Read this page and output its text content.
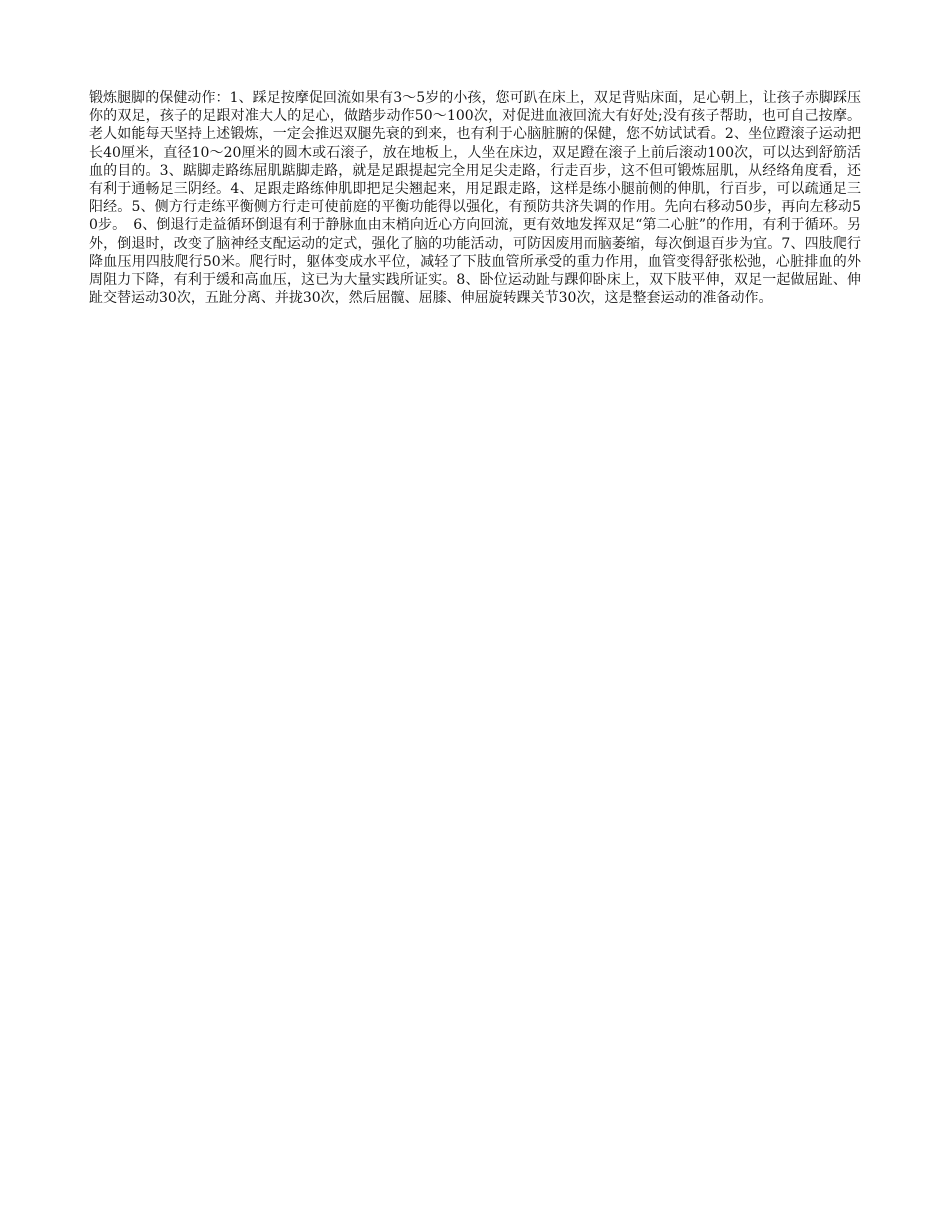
锻炼腿脚的保健动作：1、踩足按摩促回流如果有3～5岁的小孩，您可趴在床上，双足背贴床面，足心朝上，让孩子赤脚踩压你的双足，孩子的足跟对准大人的足心，做踏步动作50～100次，对促进血液回流大有好处;没有孩子帮助，也可自己按摩。老人如能每天坚持上述锻炼，一定会推迟双腿先衰的到来，也有利于心脑脏腑的保健，您不妨试试看。2、坐位蹬滚子运动把长40厘米，直径10～20厘米的圆木或石滚子，放在地板上，人坐在床边，双足蹬在滚子上前后滚动100次，可以达到舒筋活血的目的。3、踮脚走路练屈肌踮脚走路，就是足跟提起完全用足尖走路，行走百步，这不但可锻炼屈肌，从经络角度看，还有利于通畅足三阴经。4、足跟走路练伸肌即把足尖翘起来，用足跟走路，这样是练小腿前侧的伸肌，行百步，可以疏通足三阳经。5、侧方行走练平衡侧方行走可使前庭的平衡功能得以强化，有预防共济失调的作用。先向右移动50步，再向左移动50步。　6、倒退行走益循环倒退有利于静脉血由末梢向近心方向回流，更有效地发挥双足“第二心脏”的作用，有利于循环。另外，倒退时，改变了脑神经支配运动的定式，强化了脑的功能活动，可防因废用而脑萎缩，每次倒退百步为宜。7、四肢爬行降血压用四肢爬行50米。爬行时，躯体变成水平位，减轻了下肢血管所承受的重力作用，血管变得舒张松弛，心脏排血的外周阻力下降，有利于缓和高血压，这已为大量实践所证实。8、卧位运动趾与踝仰卧床上，双下肢平伸，双足一起做屈趾、伸趾交替运动30次，五趾分离、并拢30次，然后屈髋、屈膝、伸屈旋转踝关节30次，这是整套运动的准备动作。
